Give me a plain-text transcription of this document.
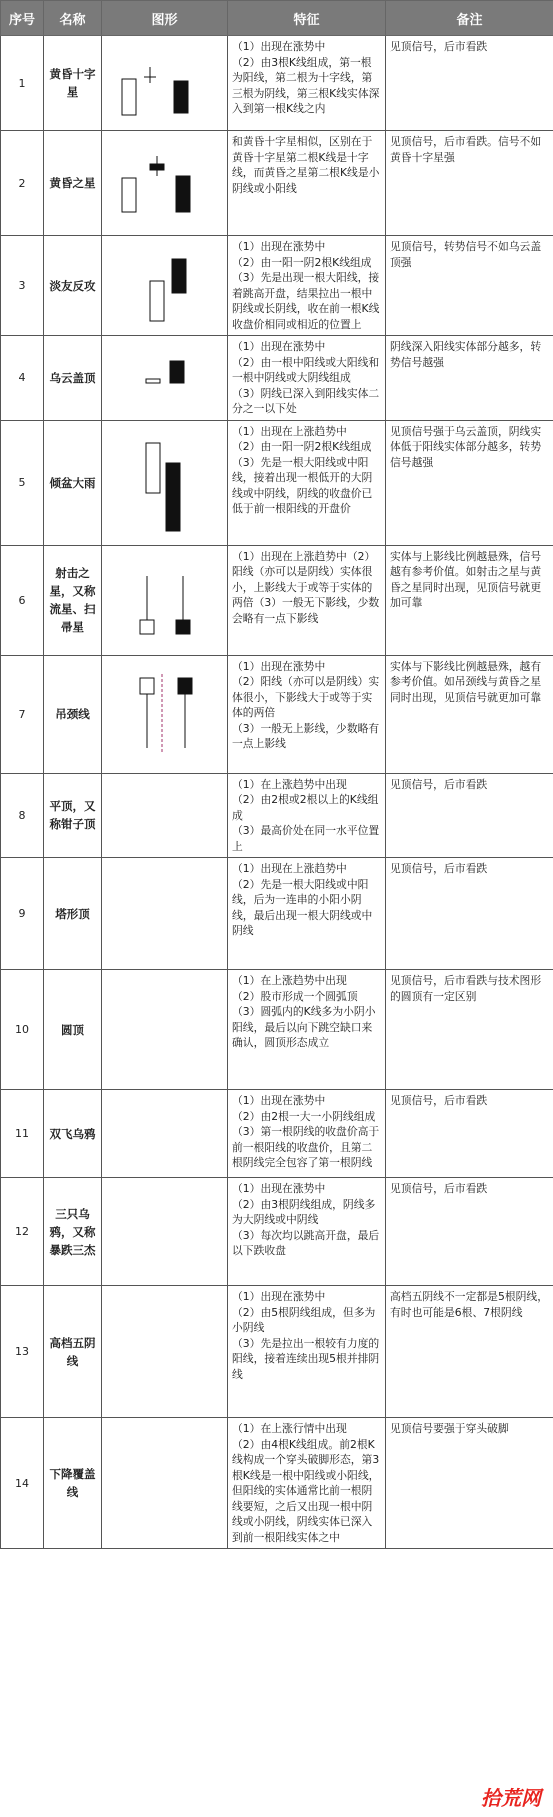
序号	名称	图形	特征	备注
1	黄昏十字星		（1）出现在涨势中
（2）由3根K线组成，第一根为阳线，第二根为十字线，第三根为阴线，第三根K线实体深入到第一根K线之内	见顶信号，后市看跌

2	黄昏之星		和黄昏十字星相似，区别在于黄昏十字星第二根K线是十字线，而黄昏之星第二根K线是小阴线或小阳线	见顶信号，后市看跌。信号不如黄昏十字星强

3	淡友反攻		（1）出现在涨势中
（2）由一阳一阴2根K线组成
（3）先是出现一根大阳线，接着跳高开盘，结果拉出一根中阴线或长阴线，收在前一根K线收盘价相同或相近的位置上	见顶信号，转势信号不如乌云盖顶强

4	乌云盖顶		（1）出现在涨势中
（2）由一根中阳线或大阳线和一根中阴线或大阴线组成
（3）阴线已深入到阳线实体二分之一以下处	阴线深入阳线实体部分越多，转势信号越强

5	倾盆大雨		（1）出现在上涨趋势中
（2）由一阳一阴2根K线组成
（3）先是一根大阳线或中阳线，接着出现一根低开的大阴线或中阴线，阴线的收盘价已低于前一根阳线的开盘价	见顶信号强于乌云盖顶，阴线实体低于阳线实体部分越多，转势信号越强

6	射击之星，又称流星、扫帚星		（1）出现在上涨趋势中（2）阳线（亦可以是阴线）实体很小，上影线大于或等于实体的两倍（3）一般无下影线，少数会略有一点下影线	实体与上影线比例越悬殊，信号越有参考价值。如射击之星与黄昏之星同时出现，见顶信号就更加可靠

7	吊颈线		（1）出现在涨势中
（2）阳线（亦可以是阴线）实体很小，下影线大于或等于实体的两倍
（3）一般无上影线，少数略有一点上影线	实体与下影线比例越悬殊，越有参考价值。如吊颈线与黄昏之星同时出现，见顶信号就更加可靠

8	平顶，又称钳子顶		（1）在上涨趋势中出现
（2）由2根或2根以上的K线组成
（3）最高价处在同一水平位置上	见顶信号，后市看跌

9	塔形顶		（1）出现在上涨趋势中
（2）先是一根大阳线或中阳线，后为一连串的小阳小阴线，最后出现一根大阴线或中阴线	见顶信号，后市看跌

10	圆顶		（1）在上涨趋势中出现
（2）股市形成一个圆弧顶
（3）圆弧内的K线多为小阴小阳线，最后以向下跳空缺口来确认，圆顶形态成立	见顶信号，后市看跌与技术图形的圆顶有一定区别

11	双飞乌鸦		（1）出现在涨势中
（2）由2根一大一小阴线组成
（3）第一根阴线的收盘价高于前一根阳线的收盘价，且第二根阴线完全包容了第一根阴线	见顶信号，后市看跌

12	三只乌鸦，又称暴跌三杰		（1）出现在涨势中
（2）由3根阴线组成，阴线多为大阴线或中阴线
（3）每次均以跳高开盘，最后以下跌收盘	见顶信号，后市看跌

13	高档五阴线		（1）出现在涨势中
（2）由5根阴线组成，但多为小阴线
（3）先是拉出一根较有力度的阳线，接着连续出现5根并排阴线	高档五阴线不一定都是5根阴线，有时也可能是6根、7根阴线

14	下降覆盖线		（1）在上涨行情中出现
（2）由4根K线组成。前2根K线构成一个穿头破脚形态，第3根K线是一根中阳线或小阳线，但阳线的实体通常比前一根阴线要短，之后又出现一根中阴线或小阴线，阴线实体已深入到前一根阳线实体之中	见顶信号要强于穿头破脚
拾荒网
